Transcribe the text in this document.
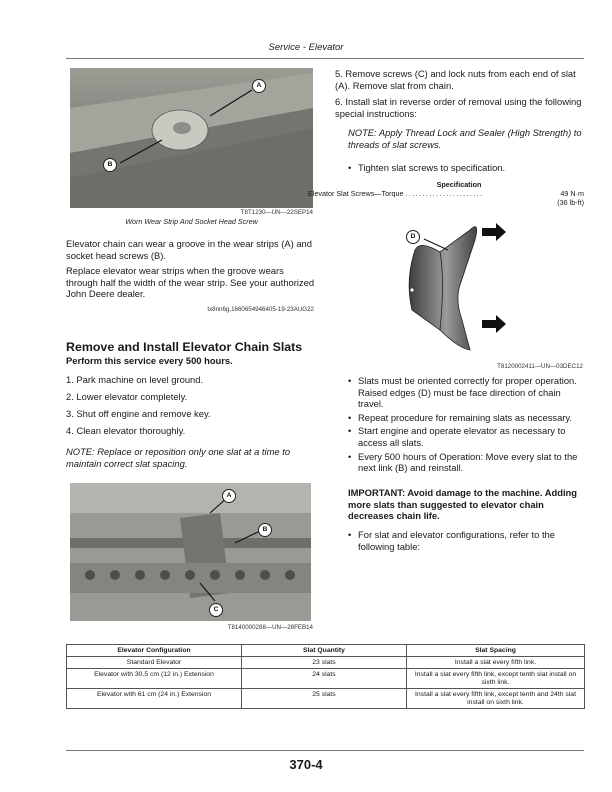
Service - Elevator
A
B
T8T1230—UN—22SEP14
Worn Wear Strip And Socket Head Screw

Elevator chain can wear a groove in the wear strips (A) and socket head screws (B).

Replace elevator wear strips when the groove wears through half the width of the wear strip. See your authorized John Deere dealer.

tx8nn6g,1660654946405-19-23AUG22
Remove and Install Elevator Chain Slats
Perform this service every 500 hours.

1. Park machine on level ground.

2. Lower elevator completely.

3. Shut off engine and remove key.

4. Clean elevator thoroughly.

NOTE: Replace or reposition only one slat at a time to maintain correct slat spacing.

A
B
C
T8140000288—UN—28FEB14

5. Remove screws (C) and lock nuts from each end of slat (A). Remove slat from chain.

6. Install slat in reverse order of removal using the following special instructions:

NOTE: Apply Thread Lock and Sealer (High Strength) to threads of slat screws.

• Tighten slat screws to specification.

Specification
Elevator Slat Screws—Torque . . . . . . . . . . . . . . . . . . . . . . .	49 N·m
(36 lb-ft)
D
T8120002411—UN—03DEC12

• Slats must be oriented correctly for proper operation. Raised edges (D) must be face direction of chain travel.

• Repeat procedure for remaining slats as necessary.

• Start engine and operate elevator as necessary to access all slats.

• Every 500 hours of Operation: Move every slat to the next link (B) and reinstall.

IMPORTANT: Avoid damage to the machine. Adding more slats than suggested to elevator chain decreases chain life.

• For slat and elevator configurations, refer to the following table:

Elevator Configuration	Slat Quantity	Slat Spacing
Standard Elevator	23 slats	Install a slat every fifth link.
Elevator with 30.5 cm (12 in.) Extension	24 slats	Install a slat every fifth link, except tenth slat install on sixth link.
Elevator with 61 cm (24 in.) Extension	25 slats	Install a slat every fifth link, except tenth and 24th slat install on sixth link.
370-4
